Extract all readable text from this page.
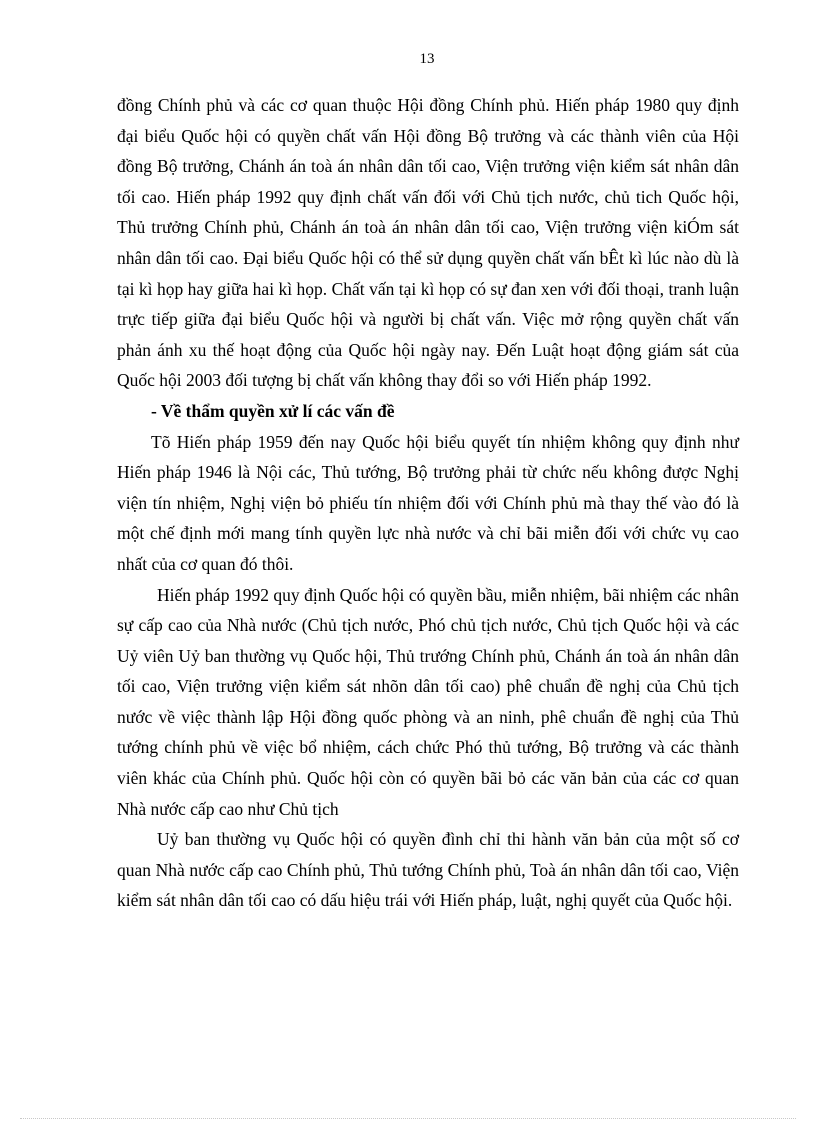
13

đồng Chính phủ và các cơ quan thuộc Hội đồng Chính phủ. Hiến pháp 1980 quy định đại biểu Quốc hội có quyền chất vấn Hội đồng Bộ trưởng và các thành viên của Hội đồng Bộ trưởng, Chánh án toà án nhân dân tối cao, Viện trưởng viện kiểm sát nhân dân tối cao. Hiến pháp 1992 quy định chất vấn đối với Chủ tịch nước, chủ tich Quốc hội, Thủ trưởng Chính phủ, Chánh án toà án nhân dân tối cao, Viện trưởng viện kiÓm sát nhân dân tối cao. Đại biểu Quốc hội có thể sử dụng quyền chất vấn bÊt kì lúc nào dù là tại kì họp hay giữa hai kì họp. Chất vấn tại kì họp có sự đan xen với đối thoại, tranh luận trực tiếp giữa đại biểu Quốc hội và người bị chất vấn. Việc mở rộng quyền chất vấn phản ánh xu thế hoạt động của Quốc hội ngày nay. Đến Luật hoạt động giám sát của Quốc hội 2003 đối tượng bị chất vấn không thay đổi so với Hiến pháp 1992.

- Về thẩm quyền xử lí các vấn đề

Tõ Hiến pháp 1959 đến nay Quốc hội biểu quyết tín nhiệm không quy định như Hiến pháp 1946 là Nội các, Thủ tướng, Bộ trưởng phải từ chức nếu không được Nghị viện tín nhiệm, Nghị viện bỏ phiếu tín nhiệm đối với Chính phủ mà thay thế vào đó là một chế định mới mang tính quyền lực nhà nước và chỉ bãi miễn đối với chức vụ cao nhất của cơ quan đó thôi.

Hiến pháp 1992 quy định Quốc hội có quyền bầu, miễn nhiệm, bãi nhiệm các nhân sự cấp cao của Nhà nước (Chủ tịch nước, Phó chủ tịch nước, Chủ tịch Quốc hội và các Uỷ viên Uỷ ban thường vụ Quốc hội, Thủ trướng Chính phủ, Chánh án toà án nhân dân tối cao, Viện trưởng viện kiểm sát nhõn dân tối cao) phê chuẩn đề nghị của Chủ tịch nước về việc thành lập Hội đồng quốc phòng và an ninh, phê chuẩn đề nghị của Thủ tướng chính phủ về việc bổ nhiệm, cách chức Phó thủ tướng, Bộ trưởng và các thành viên khác của Chính phủ. Quốc hội còn có quyền bãi bỏ các văn bản của các cơ quan Nhà nước cấp cao như Chủ tịch

Uỷ ban thường vụ Quốc hội có quyền đình chỉ thi hành văn bản của một số cơ quan Nhà nước cấp cao Chính phủ, Thủ tướng Chính phủ, Toà án nhân dân tối cao, Viện kiểm sát nhân dân tối cao có dấu hiệu trái với Hiến pháp, luật, nghị quyết của Quốc hội.
